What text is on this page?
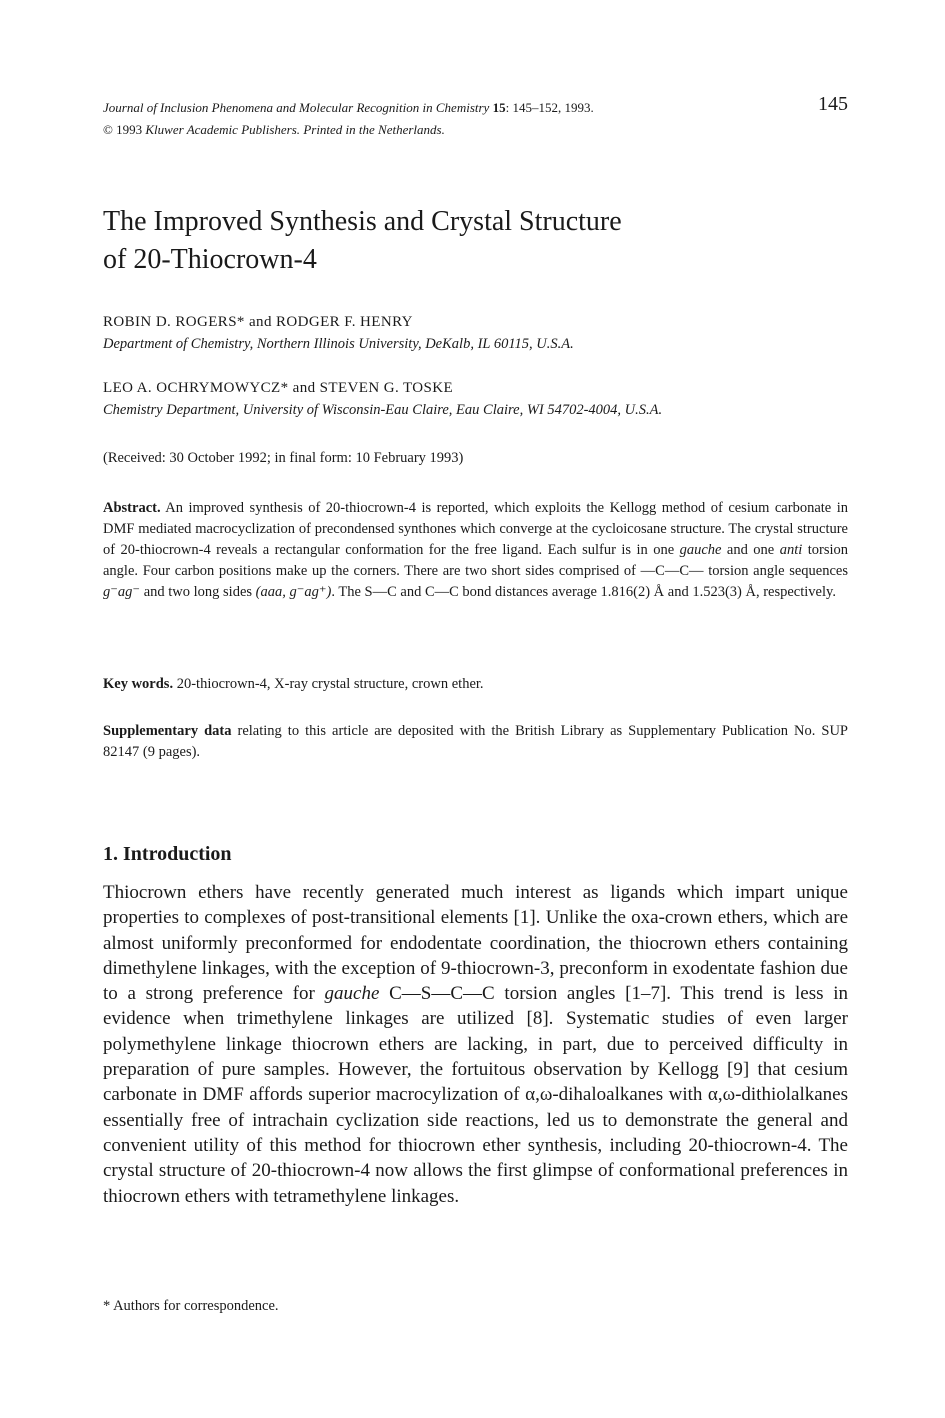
Journal of Inclusion Phenomena and Molecular Recognition in Chemistry 15: 145–152, 1993.
© 1993 Kluwer Academic Publishers. Printed in the Netherlands.
145
The Improved Synthesis and Crystal Structure
of 20-Thiocrown-4
ROBIN D. ROGERS* and RODGER F. HENRY
Department of Chemistry, Northern Illinois University, DeKalb, IL 60115, U.S.A.
LEO A. OCHRYMOWYCZ* and STEVEN G. TOSKE
Chemistry Department, University of Wisconsin-Eau Claire, Eau Claire, WI 54702-4004, U.S.A.
(Received: 30 October 1992; in final form: 10 February 1993)
Abstract. An improved synthesis of 20-thiocrown-4 is reported, which exploits the Kellogg method of cesium carbonate in DMF mediated macrocyclization of precondensed synthones which converge at the cycloicosane structure. The crystal structure of 20-thiocrown-4 reveals a rectangular conformation for the free ligand. Each sulfur is in one gauche and one anti torsion angle. Four carbon positions make up the corners. There are two short sides comprised of —C—C— torsion angle sequences g⁻ag⁻ and two long sides (aaa, g⁻ag⁺). The S—C and C—C bond distances average 1.816(2) Å and 1.523(3) Å, respectively.
Key words. 20-thiocrown-4, X-ray crystal structure, crown ether.
Supplementary data relating to this article are deposited with the British Library as Supplementary Publication No. SUP 82147 (9 pages).
1. Introduction
Thiocrown ethers have recently generated much interest as ligands which impart unique properties to complexes of post-transitional elements [1]. Unlike the oxa-crown ethers, which are almost uniformly preconformed for endodentate coordination, the thiocrown ethers containing dimethylene linkages, with the exception of 9-thiocrown-3, preconform in exodentate fashion due to a strong preference for gauche C—S—C—C torsion angles [1–7]. This trend is less in evidence when trimethylene linkages are utilized [8]. Systematic studies of even larger polymethylene linkage thiocrown ethers are lacking, in part, due to perceived difficulty in preparation of pure samples. However, the fortuitous observation by Kellogg [9] that cesium carbonate in DMF affords superior macrocylization of α,ω-dihaloalkanes with α,ω-dithiolalkanes essentially free of intrachain cyclization side reactions, led us to demonstrate the general and convenient utility of this method for thiocrown ether synthesis, including 20-thiocrown-4. The crystal structure of 20-thiocrown-4 now allows the first glimpse of conformational preferences in thiocrown ethers with tetramethylene linkages.
* Authors for correspondence.
